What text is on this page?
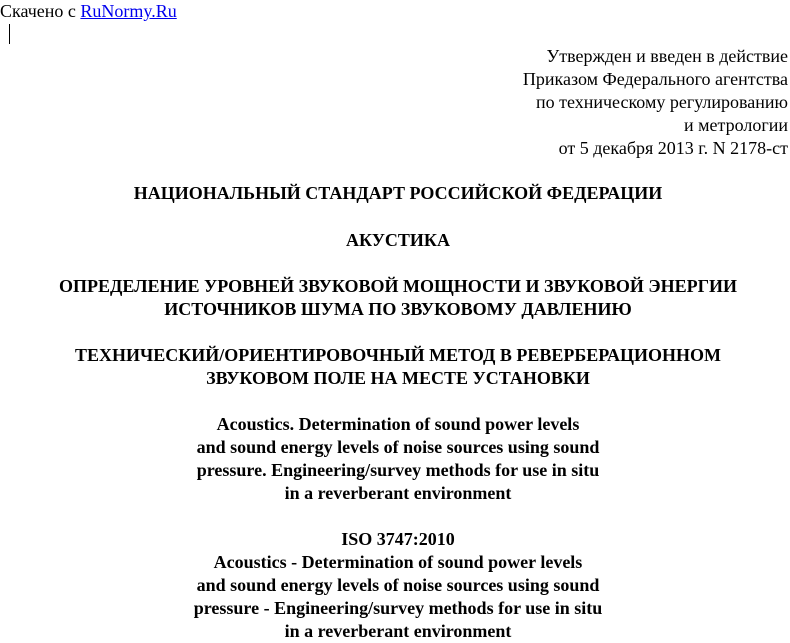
Скачено с RuNormy.Ru
Утвержден и введен в действие
Приказом Федерального агентства
по техническому регулированию
и метрологии
от 5 декабря 2013 г. N 2178-ст
НАЦИОНАЛЬНЫЙ СТАНДАРТ РОССИЙСКОЙ ФЕДЕРАЦИИ
АКУСТИКА
ОПРЕДЕЛЕНИЕ УРОВНЕЙ ЗВУКОВОЙ МОЩНОСТИ И ЗВУКОВОЙ ЭНЕРГИИ
ИСТОЧНИКОВ ШУМА ПО ЗВУКОВОМУ ДАВЛЕНИЮ
ТЕХНИЧЕСКИЙ/ОРИЕНТИРОВОЧНЫЙ МЕТОД В РЕВЕРБЕРАЦИОННОМ
ЗВУКОВОМ ПОЛЕ НА МЕСТЕ УСТАНОВКИ
Acoustics. Determination of sound power levels
and sound energy levels of noise sources using sound
pressure. Engineering/survey methods for use in situ
in a reverberant environment
ISO 3747:2010
Acoustics - Determination of sound power levels
and sound energy levels of noise sources using sound
pressure - Engineering/survey methods for use in situ
in a reverberant environment
